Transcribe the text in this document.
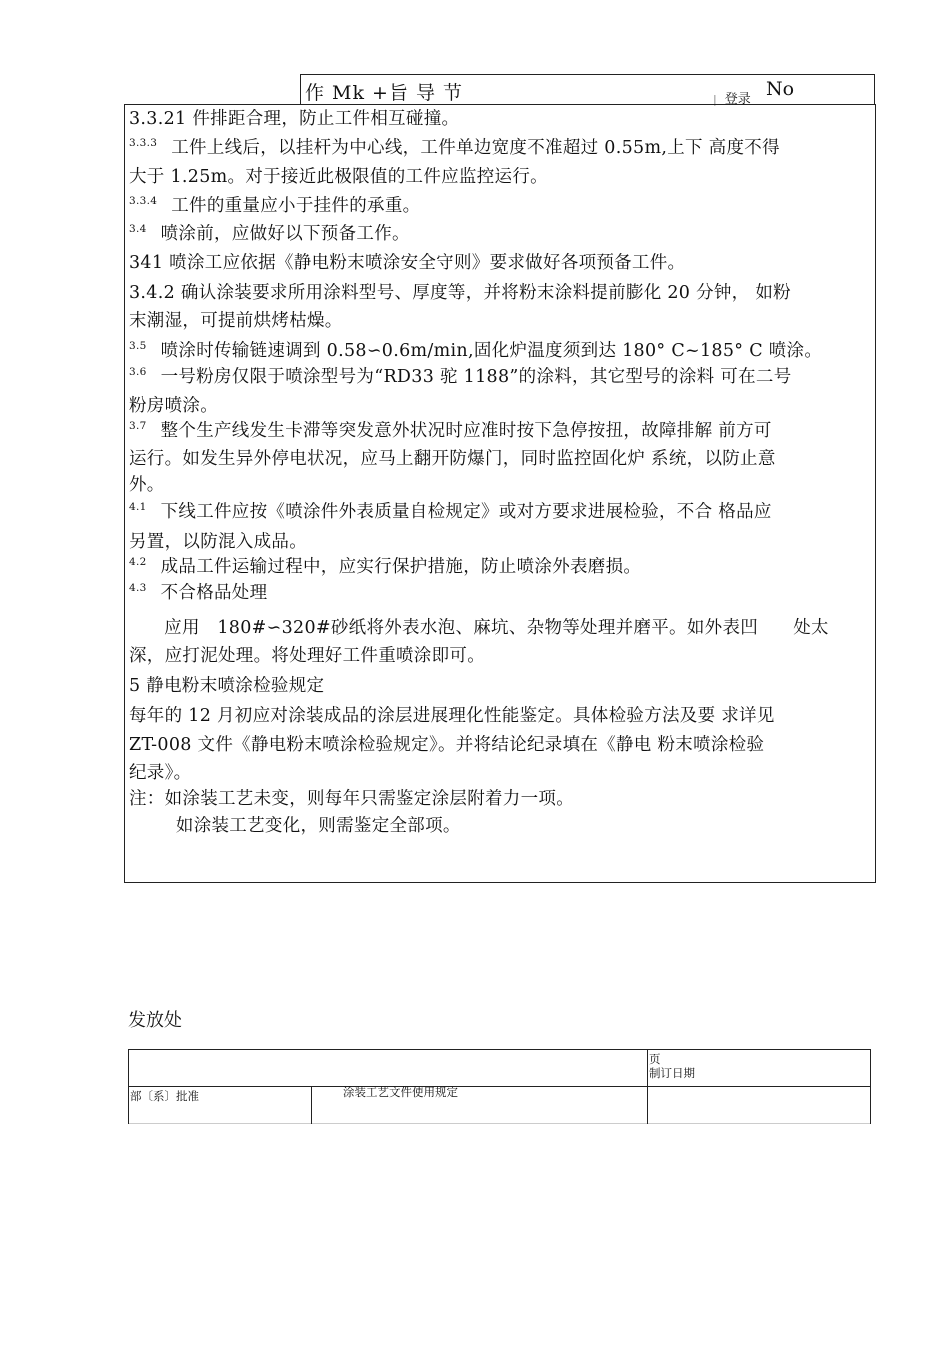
作 Mk +旨 导 节	| 登录 No
3.3.21 件排距合理，防止工件相互碰撞。
$^{3.3.3}$ 工件上线后，以挂杆为中心线，工件单边宽度不准超过 0.55m,上下 高度不得
大于 1.25m。对于接近此极限值的工件应监控运行。
$^{3.3.4}$ 工件的重量应小于挂件的承重。
$^{3.4}$ 喷涂前，应做好以下预备工作。
341 喷涂工应依据《静电粉末喷涂安全守则》要求做好各项预备工件。
3.4.2 确认涂装要求所用涂料型号、厚度等，并将粉末涂料提前膨化 20 分钟， 如粉
末潮湿，可提前烘烤枯燥。
$^{3.5}$ 喷涂时传输链速调到 0.58∽0.6m/min,固化炉温度须到达 180° C~185° C 喷涂。
$^{3.6}$ 一号粉房仅限于喷涂型号为“RD33 驼 1188”的涂料，其它型号的涂料 可在二号
粉房喷涂。
$^{3.7}$ 整个生产线发生卡滞等突发意外状况时应准时按下急停按扭，故障排解 前方可
运行。如发生异外停电状况，应马上翻开防爆门，同时监控固化炉 系统，以防止意
外。
$^{4.1}$ 下线工件应按《喷涂件外表质量自检规定》或对方要求进展检验，不合 格品应
另置，以防混入成品。
$^{4.2}$ 成品工件运输过程中，应实行保护措施，防止喷涂外表磨损。
$^{4.3}$ 不合格品处理
应用   180#∽320#砂纸将外表水泡、麻坑、杂物等处理并磨平。如外表凹      处太
深，应打泥处理。将处理好工件重喷涂即可。
5 静电粉末喷涂检验规定
每年的 12 月初应对涂装成品的涂层进展理化性能鉴定。具体检验方法及要 求详见
ZT-008 文件《静电粉末喷涂检验规定》。并将结论纪录填在《静电 粉末喷涂检验
纪录》。
注：如涂装工艺未变，则每年只需鉴定涂层附着力一项。
如涂装工艺变化，则需鉴定全部项。
发放处
页
制订日期
部〔系〕批准	涂装工艺文件使用规定
